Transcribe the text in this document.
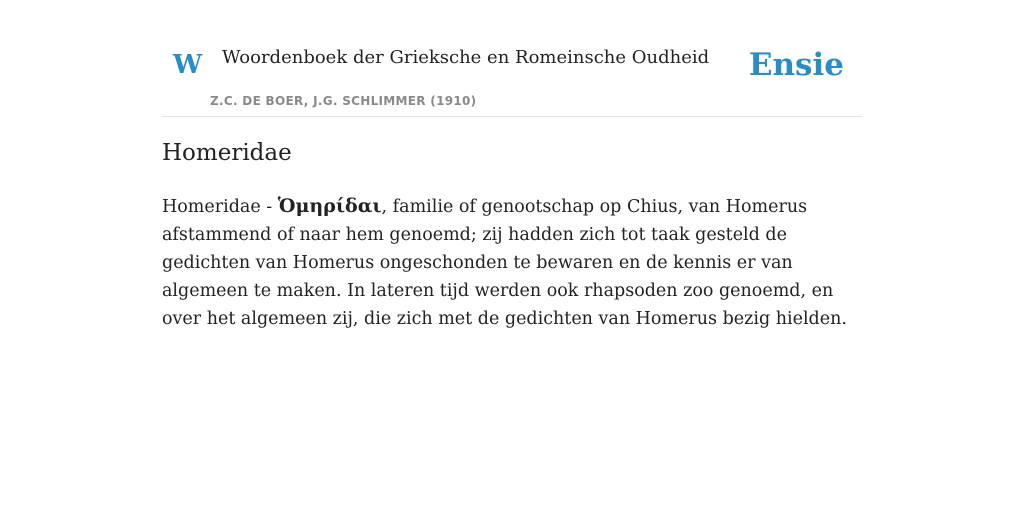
W Woordenboek der Grieksche en Romeinsche Oudheid
Z.C. DE BOER, J.G. SCHLIMMER (1910)
Ensie
Homeridae

Homeridae - Ὁμηρίδαι, familie of genootschap op Chius, van Homerus afstammend of naar hem genoemd; zij hadden zich tot taak gesteld de gedichten van Homerus ongeschonden te bewaren en de kennis er van algemeen te maken. In lateren tijd werden ook rhapsoden zoo genoemd, en over het algemeen zij, die zich met de gedichten van Homerus bezig hielden.
